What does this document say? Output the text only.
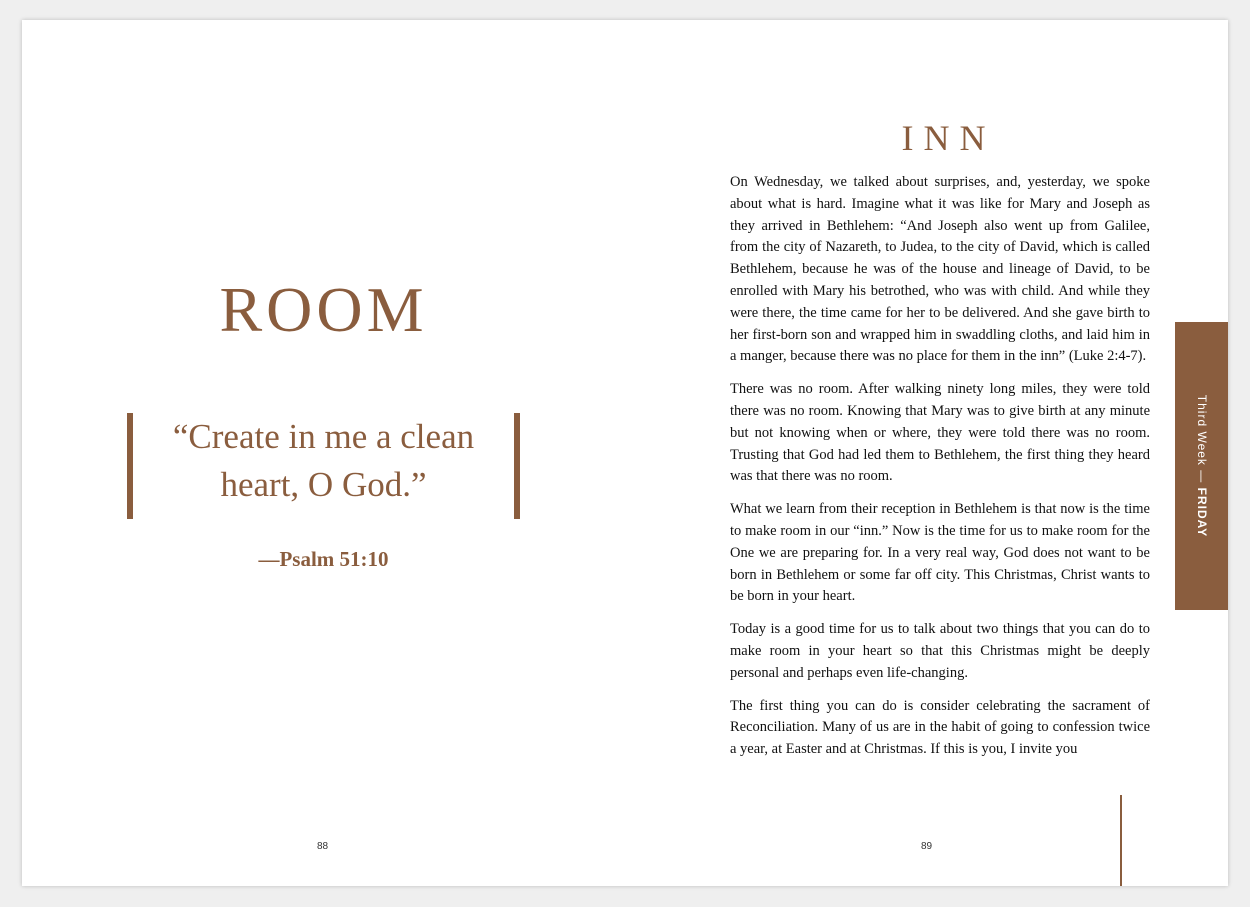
ROOM
“Create in me a clean
heart, O God.”
—Psalm 51:10
88
INN

On Wednesday, we talked about surprises, and, yesterday, we spoke about what is hard. Imagine what it was like for Mary and Joseph as they arrived in Bethlehem: “And Joseph also went up from Galilee, from the city of Nazareth, to Judea, to the city of David, which is called Bethlehem, because he was of the house and lineage of David, to be enrolled with Mary his betrothed, who was with child. And while they were there, the time came for her to be delivered. And she gave birth to her first-born son and wrapped him in swaddling cloths, and laid him in a manger, because there was no place for them in the inn” (Luke 2:4-7).

There was no room. After walking ninety long miles, they were told there was no room. Knowing that Mary was to give birth at any minute but not knowing when or where, they were told there was no room. Trusting that God had led them to Bethlehem, the first thing they heard was that there was no room.

What we learn from their reception in Bethlehem is that now is the time to make room in our “inn.” Now is the time for us to make room for the One we are preparing for. In a very real way, God does not want to be born in Bethlehem or some far off city. This Christmas, Christ wants to be born in your heart.

Today is a good time for us to talk about two things that you can do to make room in your heart so that this Christmas might be deeply personal and perhaps even life-changing.

The first thing you can do is consider celebrating the sacrament of Reconciliation. Many of us are in the habit of going to confession twice a year, at Easter and at Christmas. If this is you, I invite you

89
Third Week — FRIDAY
